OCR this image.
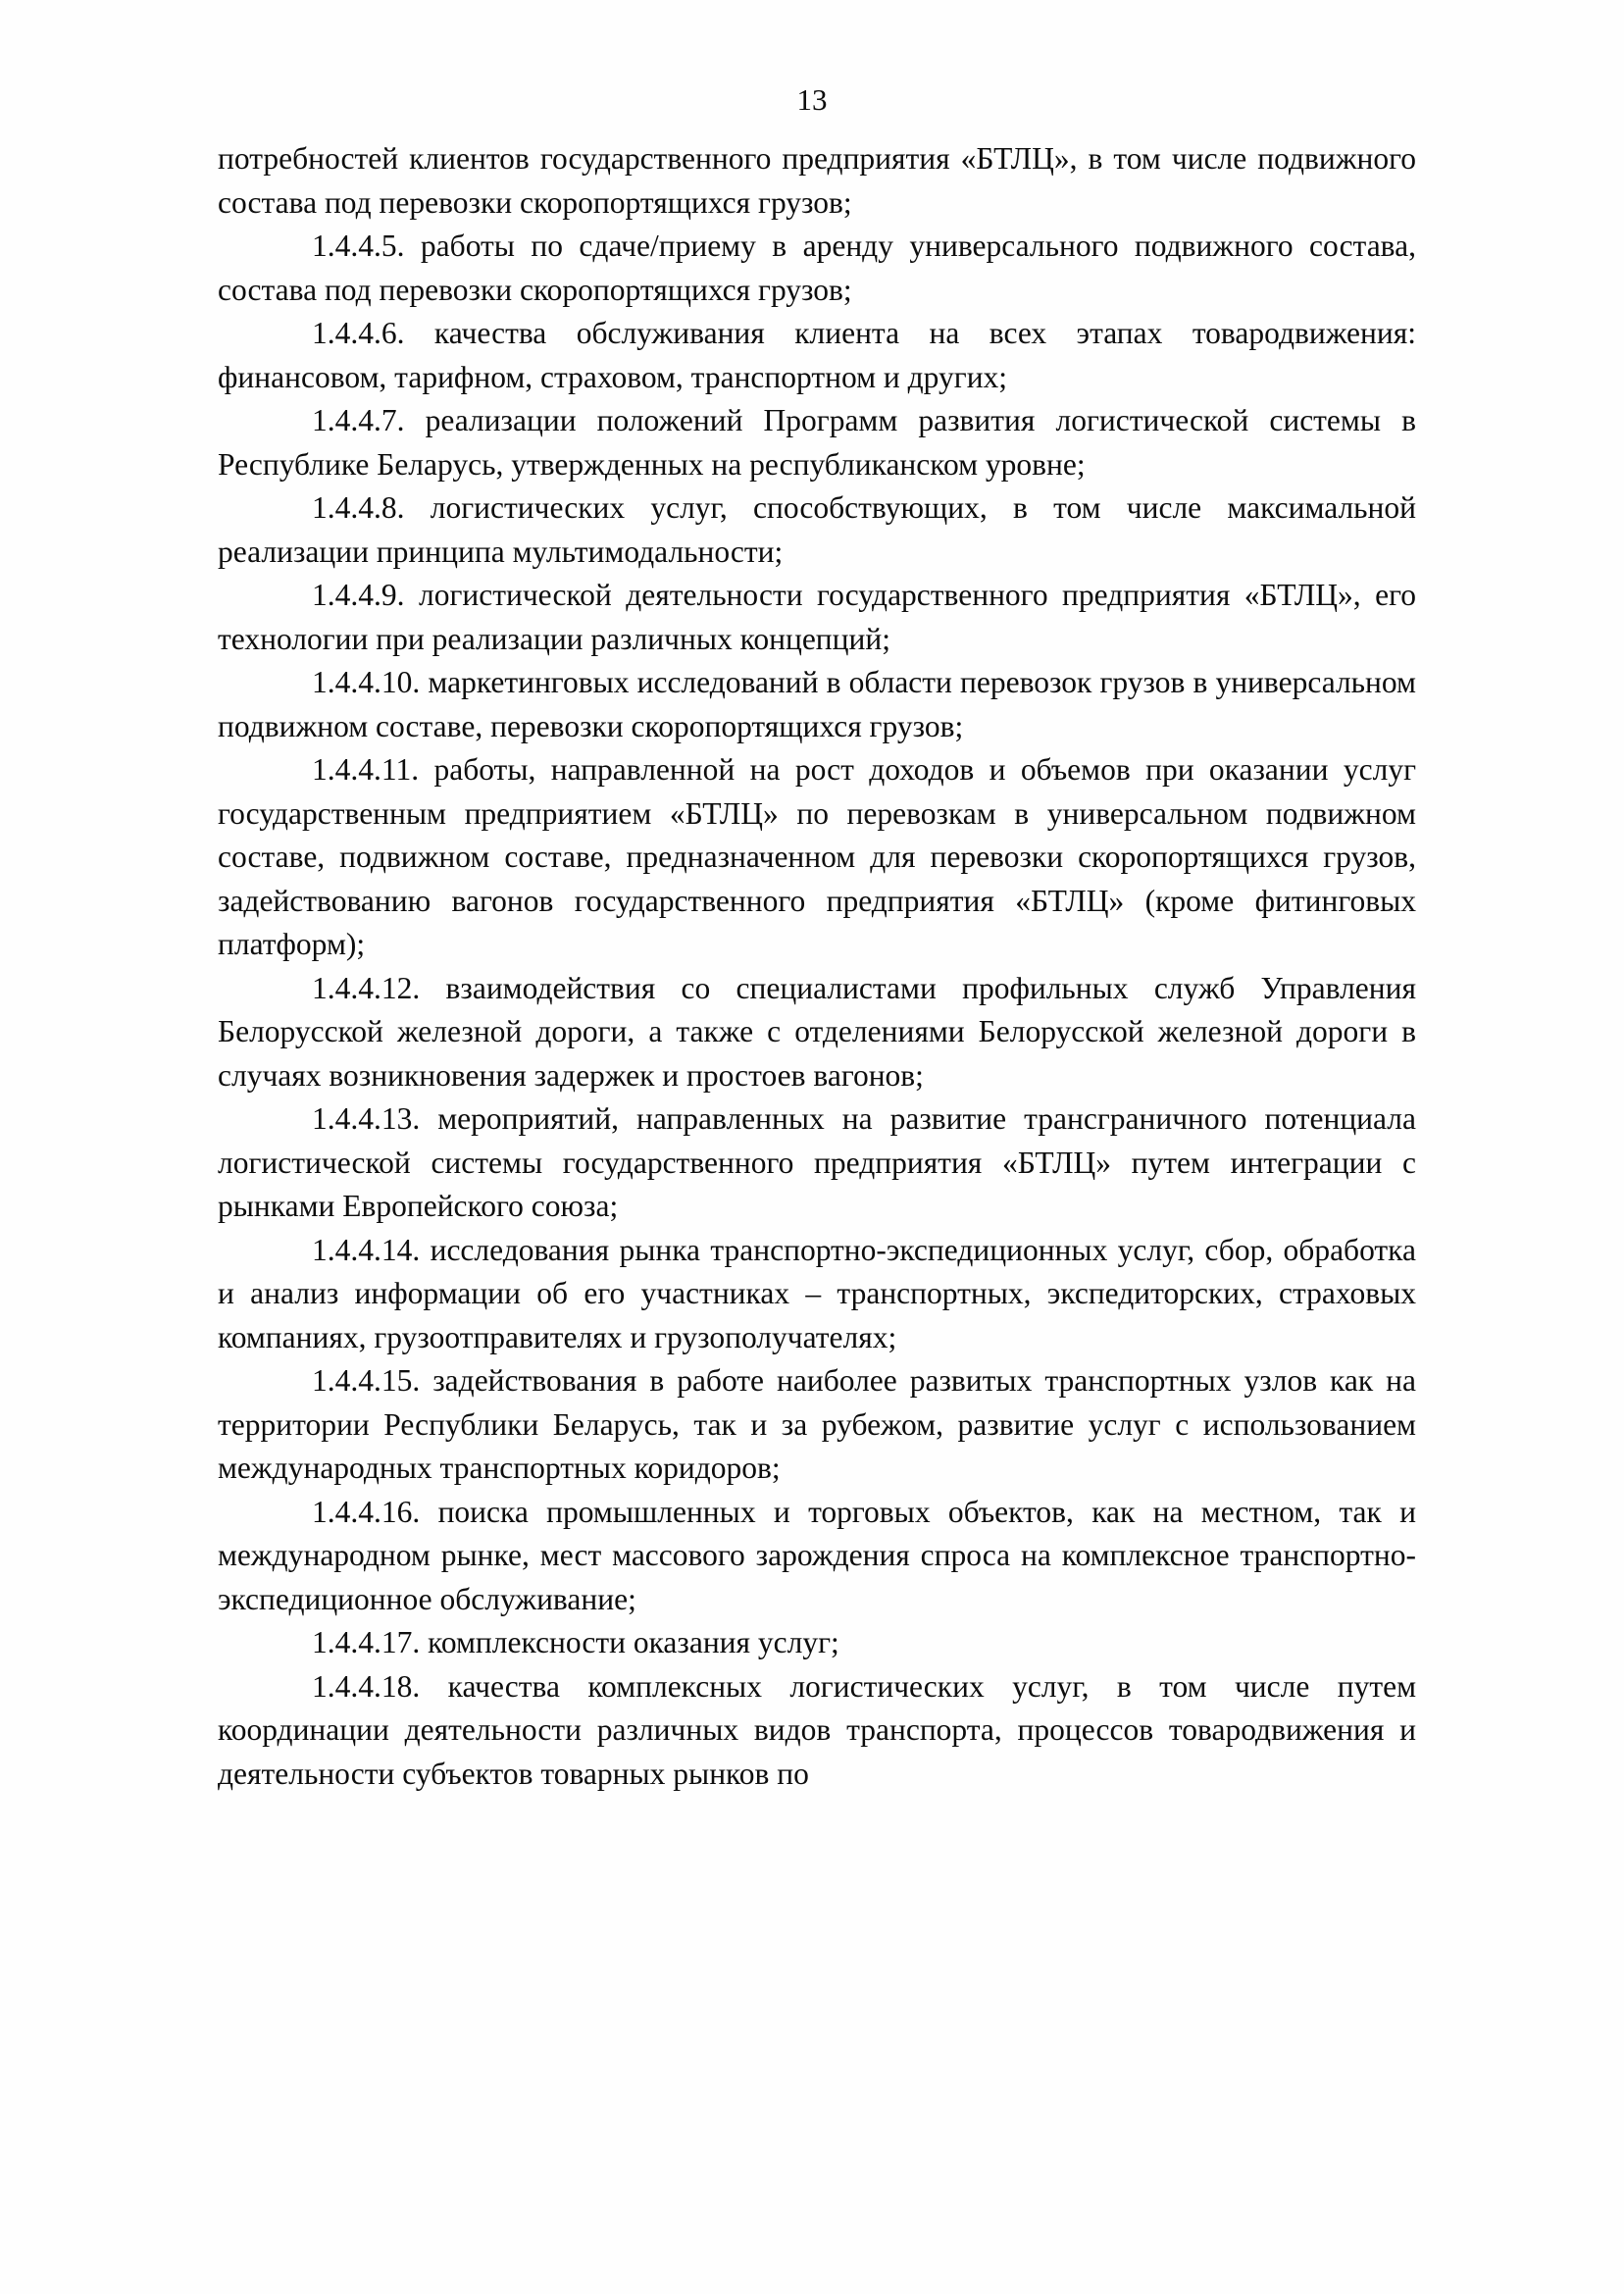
13

потребностей клиентов государственного предприятия «БТЛЦ», в том числе подвижного состава под перевозки скоропортящихся грузов;

1.4.4.5. работы по сдаче/приему в аренду универсального подвижного состава, состава под перевозки скоропортящихся грузов;

1.4.4.6. качества обслуживания клиента на всех этапах товародвижения: финансовом, тарифном, страховом, транспортном и других;

1.4.4.7. реализации положений Программ развития логистической системы в Республике Беларусь, утвержденных на республиканском уровне;

1.4.4.8. логистических услуг, способствующих, в том числе максимальной реализации принципа мультимодальности;

1.4.4.9. логистической деятельности государственного предприятия «БТЛЦ», его технологии при реализации различных концепций;

1.4.4.10. маркетинговых исследований в области перевозок грузов в универсальном подвижном составе, перевозки скоропортящихся грузов;

1.4.4.11. работы, направленной на рост доходов и объемов при оказании услуг государственным предприятием «БТЛЦ» по перевозкам в универсальном подвижном составе, подвижном составе, предназначенном для перевозки скоропортящихся грузов, задействованию вагонов государственного предприятия «БТЛЦ» (кроме фитинговых платформ);

1.4.4.12. взаимодействия со специалистами профильных служб Управления Белорусской железной дороги, а также с отделениями Белорусской железной дороги в случаях возникновения задержек и простоев вагонов;

1.4.4.13. мероприятий, направленных на развитие трансграничного потенциала логистической системы государственного предприятия «БТЛЦ» путем интеграции с рынками Европейского союза;

1.4.4.14. исследования рынка транспортно-экспедиционных услуг, сбор, обработка и анализ информации об его участниках – транспортных, экспедиторских, страховых компаниях, грузоотправителях и грузополучателях;

1.4.4.15. задействования в работе наиболее развитых транспортных узлов как на территории Республики Беларусь, так и за рубежом, развитие услуг с использованием международных транспортных коридоров;

1.4.4.16. поиска промышленных и торговых объектов, как на местном, так и международном рынке, мест массового зарождения спроса на комплексное транспортно-экспедиционное обслуживание;

1.4.4.17. комплексности оказания услуг;

1.4.4.18. качества комплексных логистических услуг, в том числе путем координации деятельности различных видов транспорта, процессов товародвижения и деятельности субъектов товарных рынков по
